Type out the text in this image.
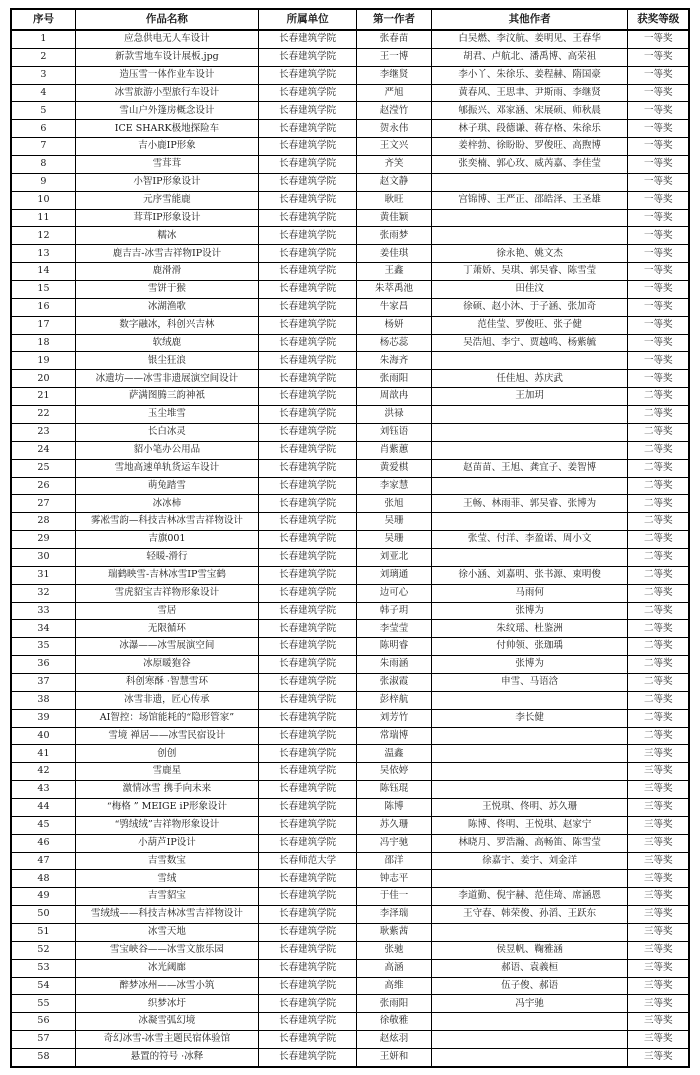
序号	作品名称	所属单位	第一作者	其他作者	获奖等级
1	应急供电无人车设计	长春建筑学院	张春苗	白吴燃、李汶航、姜明见、王春华	一等奖
2	新款雪地车设计展板.jpg	长春建筑学院	王一博	胡君、卢航北、潘禹博、高荣祖	一等奖
3	造压雪一体作业车设计	长春建筑学院	李继贤	李小丫、朱徐乐、姜程赫、隋国豪	一等奖
4	冰雪旅游小型旅行车设计	长春建筑学院	严旭	黄春风、王思聿、尹斯雨、李继贤	一等奖
5	雪山户外篷房概念设计	长春建筑学院	赵滢竹	郇振兴、邓家涵、宋展硕、师秋晨	一等奖
6	ICE SHARK极地探险车	长春建筑学院	贺永伟	林子琪、段德谦、蒋存格、朱徐乐	一等奖
7	吉小鹿IP形象	长春建筑学院	王文兴	姜梓勃、徐盼盼、罗俊旺、高煦博	一等奖
8	雪茸茸	长春建筑学院	齐笑	张奕楠、郭心玫、威芮嘉、李佳莹	一等奖
9	小智IP形象设计	长春建筑学院	赵文静		一等奖
10	元序雪能鹿	长春建筑学院	耿旺	宫锦博、王严正、邵皓泽、王圣雄	一等奖
11	茸茸IP形象设计	长春建筑学院	黄佳颖		一等奖
12	糯冰	长春建筑学院	张雨梦		一等奖
13	鹿吉吉-冰雪吉祥物IP设计	长春建筑学院	姜佳琪	徐永艳、姚文杰	一等奖
14	鹿滑滑	长春建筑学院	王鑫	丁萧娇、吴琪、郭吴睿、陈雪莹	一等奖
15	雪饼于猴	长春建筑学院	朱萃禹池	田佳汶	一等奖
16	冰湖渔歌	长春建筑学院	牛家昌	徐硕、赵小沐、于子涵、张加奇	一等奖
17	数字融冰，科创兴吉林	长春建筑学院	杨妍	范佳莹、罗俊旺、张子健	一等奖
18	软绒鹿	长春建筑学院	杨芯蕊	吴浩旭、李宁、贾越鸣、杨紫毓	一等奖
19	银尘狂浪	长春建筑学院	朱海齐		一等奖
20	冰遗坊——冰雪非遗展演空间设计	长春建筑学院	张雨阳	任佳旭、苏庆武	一等奖
21	萨满图腾三韵神衹	长春建筑学院	周歆冉	王加玥	二等奖
22	玉尘堆雪	长春建筑学院	洪禄		二等奖
23	长白冰灵	长春建筑学院	刘钰语		二等奖
24	貂小笔办公用品	长春建筑学院	肖紫蕙		二等奖
25	雪地高速单轨货运车设计	长春建筑学院	黄爱棋	赵苗苗、王旭、龚宜子、姜智博	二等奖
26	萌兔踏雪	长春建筑学院	李家慧		二等奖
27	冰冰柿	长春建筑学院	张旭	王畅、林雨菲、郭吴睿、张博为	二等奖
28	雾凇雪韵—科技吉林冰雪吉祥物设计	长春建筑学院	吴珊		二等奖
29	吉旗001	长春建筑学院	吴珊	张莹、付洋、李盈诺、周小文	二等奖
30	轻暖-滑行	长春建筑学院	刘亚北		二等奖
31	瑞鹤映雪-吉林冰雪IP雪宝鹤	长春建筑学院	刘璃通	徐小涵、刘嘉明、张书源、束明俊	二等奖
32	雪虎貂宝吉祥物形象设计	长春建筑学院	边可心	马雨何	二等奖
33	雪居	长春建筑学院	韩子玥	张博为	二等奖
34	无限循环	长春建筑学院	李莹莹	朱纹瑶、杜鉴洲	二等奖
35	冰瀑——冰雪展演空间	长春建筑学院	陈明睿	付帅领、张珈瑀	二等奖
36	冰原暖狍谷	长春建筑学院	朱雨涵	张博为	二等奖
37	科创寒酥 ·智慧雪环	长春建筑学院	张淑霞	申雪、马语浛	二等奖
38	冰雪非遗，匠心传承	长春建筑学院	彭梓航		二等奖
39	AI智控：场馆能耗的“隐形管家”	长春建筑学院	刘芳竹	李长健	二等奖
40	雪境 禅居——冰雪民宿设计	长春建筑学院	常瑞博		二等奖
41	创创	长春建筑学院	温鑫		三等奖
42	雪鹿星	长春建筑学院	吴依婷		三等奖
43	激情冰雪 携手向未来	长春建筑学院	陈钰琨		三等奖
44	“梅格 ” MEIGE iP形象设计	长春建筑学院	陈博	王悦琪、佟明、苏久珊	三等奖
45	“鸮绒绒”吉祥物形象设计	长春建筑学院	苏久珊	陈博、佟明、王悦琪、赵家宁	三等奖
46	小葫芦IP设计	长春建筑学院	冯宇驰	林晓月、罗浩瀚、高畅笛、陈雪莹	三等奖
47	吉雪数宝	长春师范大学	邵洋	徐嘉宇、姜宇、刘金洋	三等奖
48	雪绒	长春建筑学院	钟志平		三等奖
49	吉雪貂宝	长春建筑学院	于佳一	李道勤、倪宇赫、范佳琦、席涵恩	三等奖
50	雪绒绒——科技吉林冰雪吉祥物设计	长春建筑学院	李泽瑞	王守春、韩荣俊、孙滔、王跃东	三等奖
51	冰雪天地	长春建筑学院	耿紫茜		三等奖
52	雪宝峡谷——冰雪文旅乐园	长春建筑学院	张驰	侯昱帆、鞠雅涵	三等奖
53	冰光阈廊	长春建筑学院	高涵	郝语、袁義桓	三等奖
54	醉梦冰州——冰雪小筑	长春建筑学院	高维	伍子俊、郝语	三等奖
55	织梦冰圩	长春建筑学院	张雨阳	冯宇驰	三等奖
56	冰凝雪弧幻境	长春建筑学院	徐敬雅		三等奖
57	奇幻冰雪-冰雪主题民宿体验馆	长春建筑学院	赵炫羽		三等奖
58	悬置的符号 ·冰释	长春建筑学院	王妍和		三等奖
